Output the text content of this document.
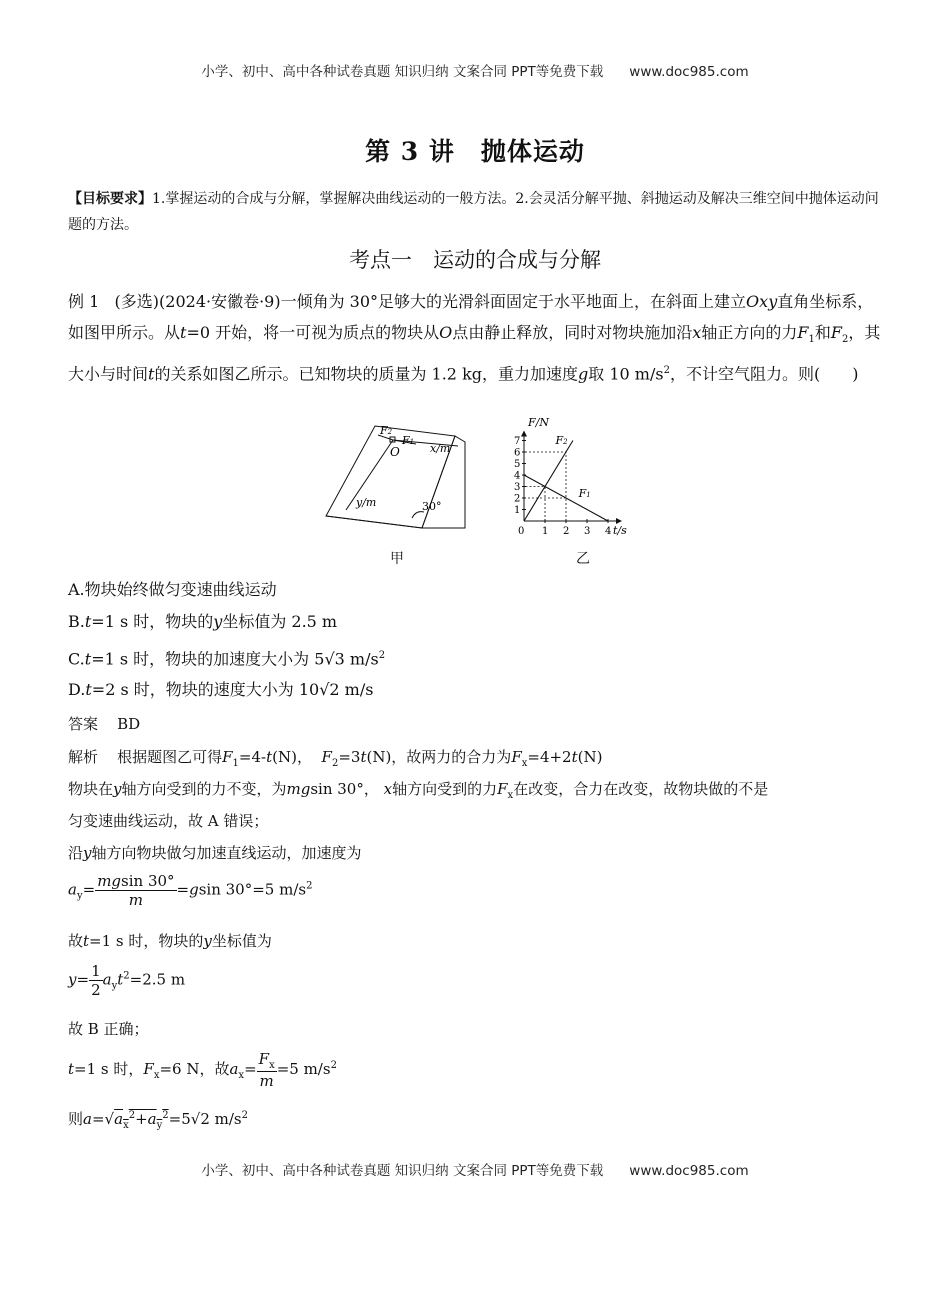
小学、初中、高中各种试卷真题 知识归纳 文案合同 PPT等免费下载 www.doc985.com
第 3 讲　抛体运动
【目标要求】1.掌握运动的合成与分解，掌握解决曲线运动的一般方法。2.会灵活分解平抛、斜抛运动及解决三维空间中抛体运动问题的方法。
考点一　运动的合成与分解
例 1 (多选)(2024·安徽卷·9)一倾角为 30°足够大的光滑斜面固定于水平地面上，在斜面上建立Oxy直角坐标系，如图甲所示。从t=0 开始，将一可视为质点的物块从O点由静止释放，同时对物块施加沿x轴正方向的力$F_1$和$F_2$，其大小与时间t的关系如图乙所示。已知物块的质量为 1.2 kg，重力加速度g取 10 $m/s^2$，不计空气阻力。则(　　)
F2
F1
O	x/m
y/m	30°
甲
1
2
3
4
5
6
7
0 1 2 3 4
F2
F1
F/N
t/s
乙
A.物块始终做匀变速曲线运动
B.t=1 s 时，物块的y坐标值为 2.5 m
C.t=1 s 时，物块的加速度大小为 5√3 $m/s^2$
D.t=2 s 时，物块的速度大小为 10√2 m/s
答案 BD
解析 根据题图乙可得$F_1=4-t(N)$， $F_2=3t(N)$，故两力的合力为$F_x=4+2t(N)$
物块在y轴方向受到的力不变，为mgsin 30°， x轴方向受到的力$F_x$在改变，合力在改变，故物块做的不是
匀变速曲线运动，故 A 错误；
沿y轴方向物块做匀加速直线运动，加速度为
$a_y= \frac{mgsin 30^\circ}{m} =gsin$ 30°=5 $m/s^2$
故t=1 s 时，物块的y坐标值为
$y= \frac{1}{2} a_yt^2=2.5$ m
故 B 正确；
t=1 s 时，$F_x=6$ N，故$a_x= \frac{F_x}{m} =5$ $m/s^2$
则$a=√a_x^2+a_y^2=5√2$ $m/s^2$
小学、初中、高中各种试卷真题 知识归纳 文案合同 PPT等免费下载 www.doc985.com
